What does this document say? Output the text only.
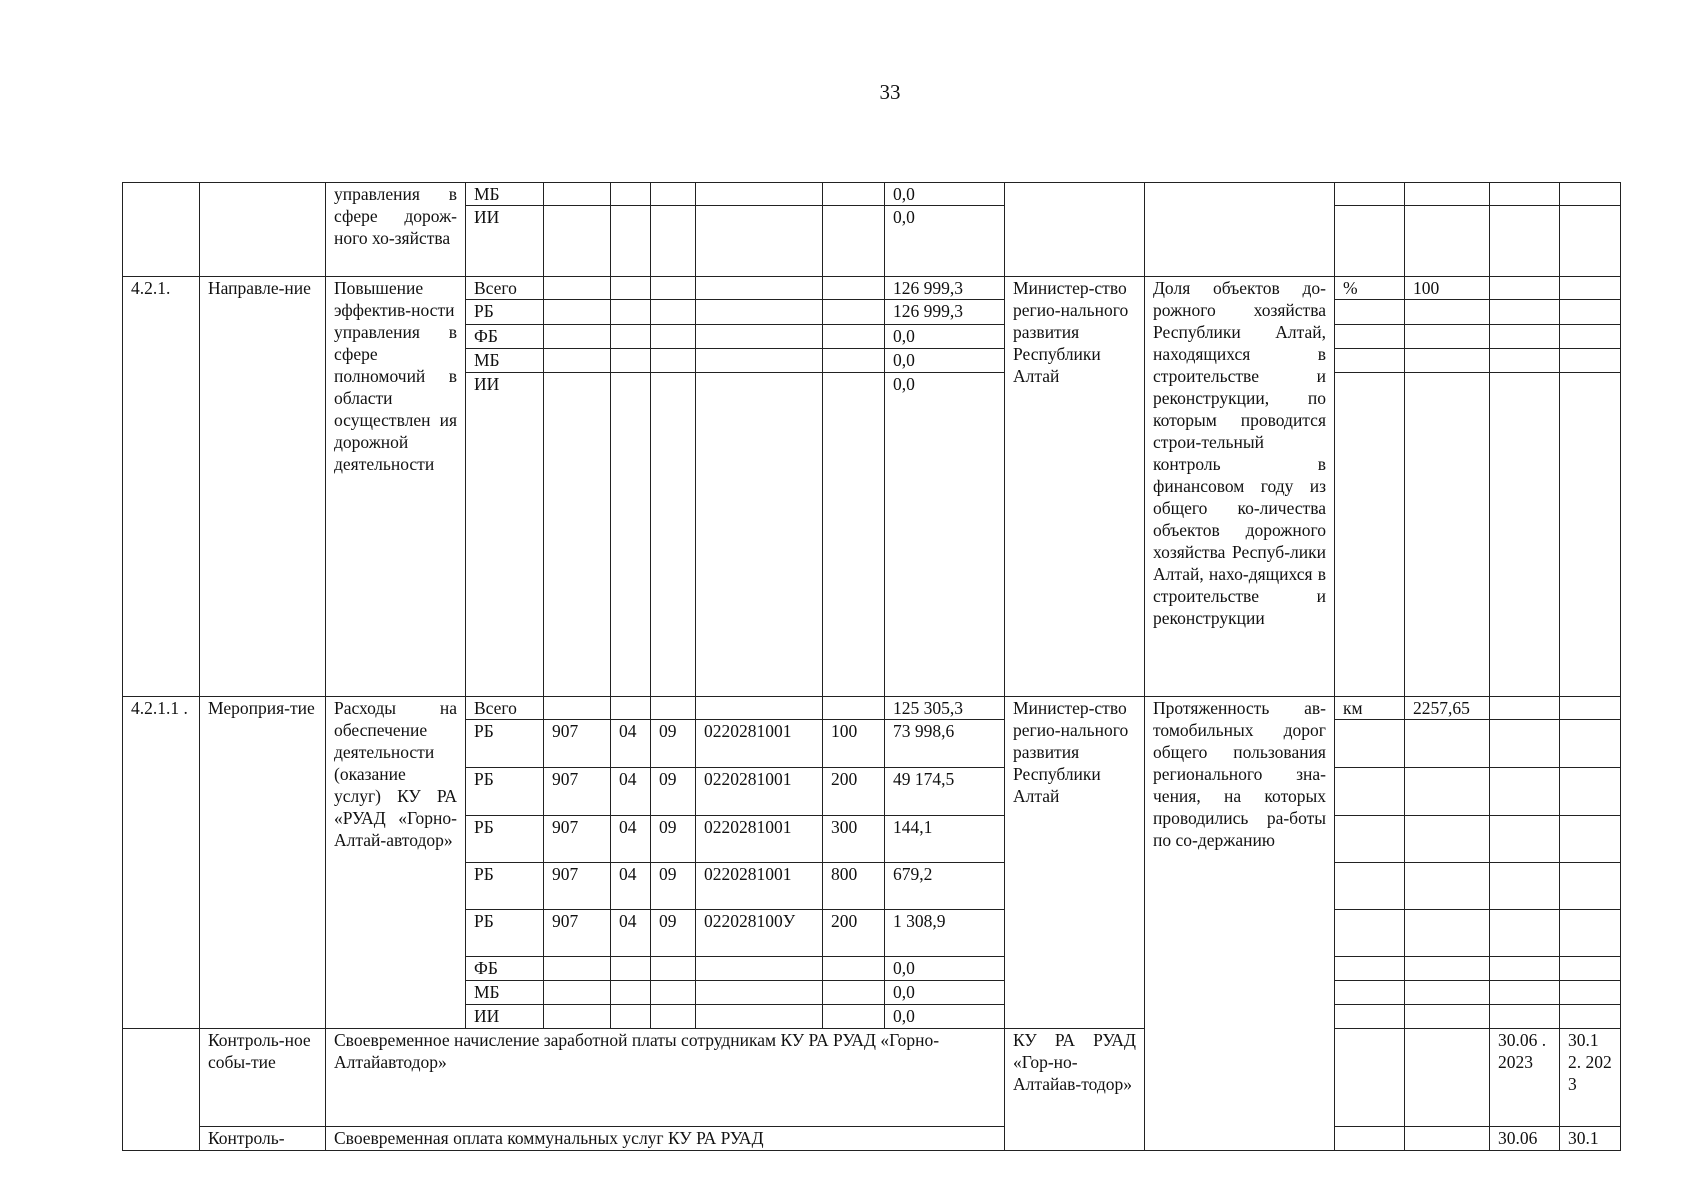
33
		управления в сфере дорож-ного хо-зяйства	МБ						0,0						
			ИИ						0,0						
4.2.1.	Направле-ние	Повышение эффектив-ности управления в сфере полномочий в области осуществлен ия дорожной деятельности	Всего						126 999,3	Министер-ство регио-нального развития Республики Алтай	Доля объектов до-рожного хозяйства Республики Алтай, находящихся в строительстве и реконструкции, по которым проводится строи-тельный контроль в финансовом году из общего ко-личества объектов дорожного хозяйства Респуб-лики Алтай, нахо-дящихся в строительстве и реконструкции	%	100		
			РБ						126 999,3						
			ФБ						0,0						
			МБ						0,0						
			ИИ						0,0						
4.2.1.1 .	Мероприя-тие	Расходы на обеспечение деятельности (оказание услуг) КУ РА «РУАД «Горно-Алтай-автодор»	Всего						125 305,3	Министер-ство регио-нального развития Республики Алтай	Протяженность ав-томобильных дорог общего пользования регионального зна-чения, на которых проводились ра-боты по со-держанию	км	2257,65		
			РБ	907	04	09	0220281001	100	73 998,6						
			РБ	907	04	09	0220281001	200	49 174,5						
			РБ	907	04	09	0220281001	300	144,1						
			РБ	907	04	09	0220281001	800	679,2						
			РБ	907	04	09	022028100У	200	1 308,9						
			ФБ						0,0						
			МБ						0,0						
			ИИ						0,0						
	Контроль-ное собы-тие	Своевременное начисление заработной платы сотрудникам КУ РА РУАД «Горно-Алтайавтодор»								КУ РА РУАД «Гор-но-Алтайав-тодор»				30.06 . 2023	30.1 2. 202 3
	Контроль-	Своевременная оплата коммунальных услуг КУ РА РУАД												30.06	30.1
